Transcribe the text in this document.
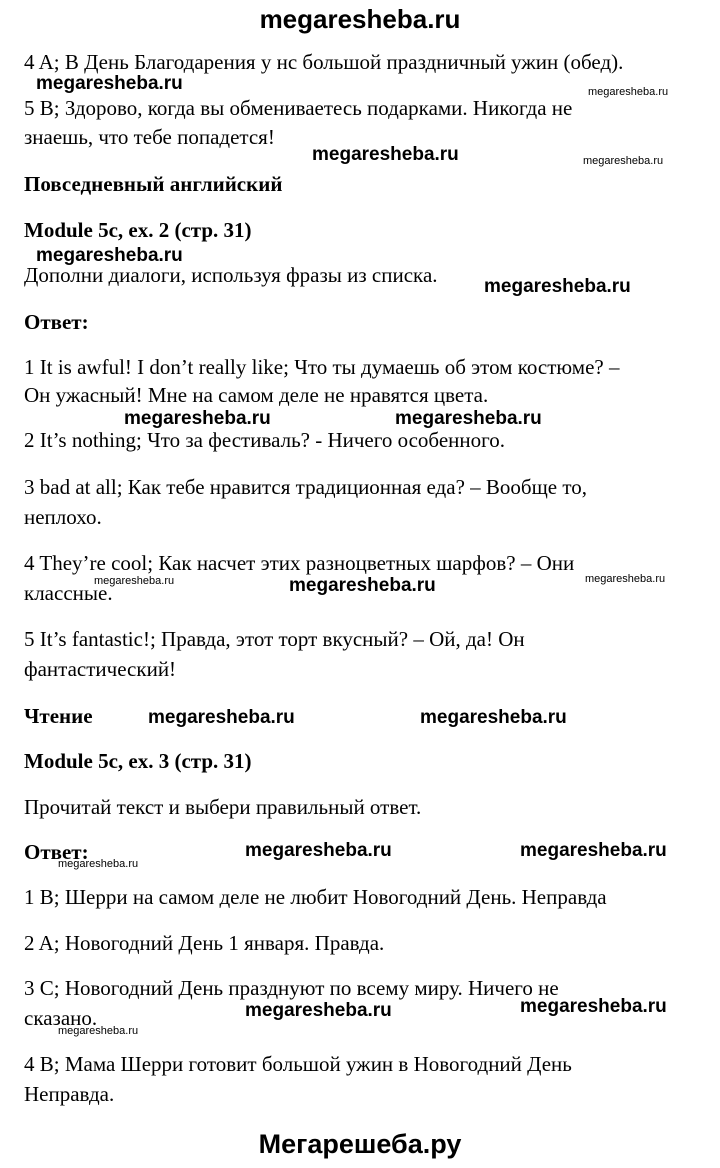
megaresheba.ru

4 A; В День Благодарения у нс большой праздничный ужин (обед).

5 B; Здорово, когда вы обмениваетесь подарками. Никогда не

знаешь, что тебе попадется!

Повседневный английский

Module 5c, ex. 2 (стр. 31)

Дополни диалоги, используя фразы из списка.

Ответ:

1 It is awful! I don’t really like; Что ты думаешь об этом костюме? –

Он ужасный! Мне на самом деле не нравятся цвета.

2 It’s nothing; Что за фестиваль? - Ничего особенного.

3 bad at all; Как тебе нравится традиционная еда? – Вообще то,

неплохо.

4 They’re cool; Как насчет этих разноцветных шарфов? – Они

классные.

5 It’s fantastic!; Правда, этот торт вкусный? – Ой, да! Он

фантастический!

Чтение

Module 5c, ex. 3 (стр. 31)

Прочитай текст и выбери правильный ответ.

Ответ:

1 B; Шерри на самом деле не любит Новогодний День. Неправда

2 A; Новогодний День 1 января. Правда.

3 C; Новогодний День празднуют по всему миру. Ничего не

сказано.

4 B; Мама Шерри готовит большой ужин в Новогодний День

Неправда.

megaresheba.ru
megaresheba.ru
megaresheba.ru
megaresheba.ru
megaresheba.ru	megaresheba.ru
megaresheba.ru
megaresheba.ru	megaresheba.ru
megaresheba.ru	megaresheba.ru
megaresheba.ru	megaresheba.ru
megaresheba.ru
megaresheba.ru
megaresheba.ru	megaresheba.ru
megaresheba.ru
megaresheba.ru
Мегарешеба.ру
